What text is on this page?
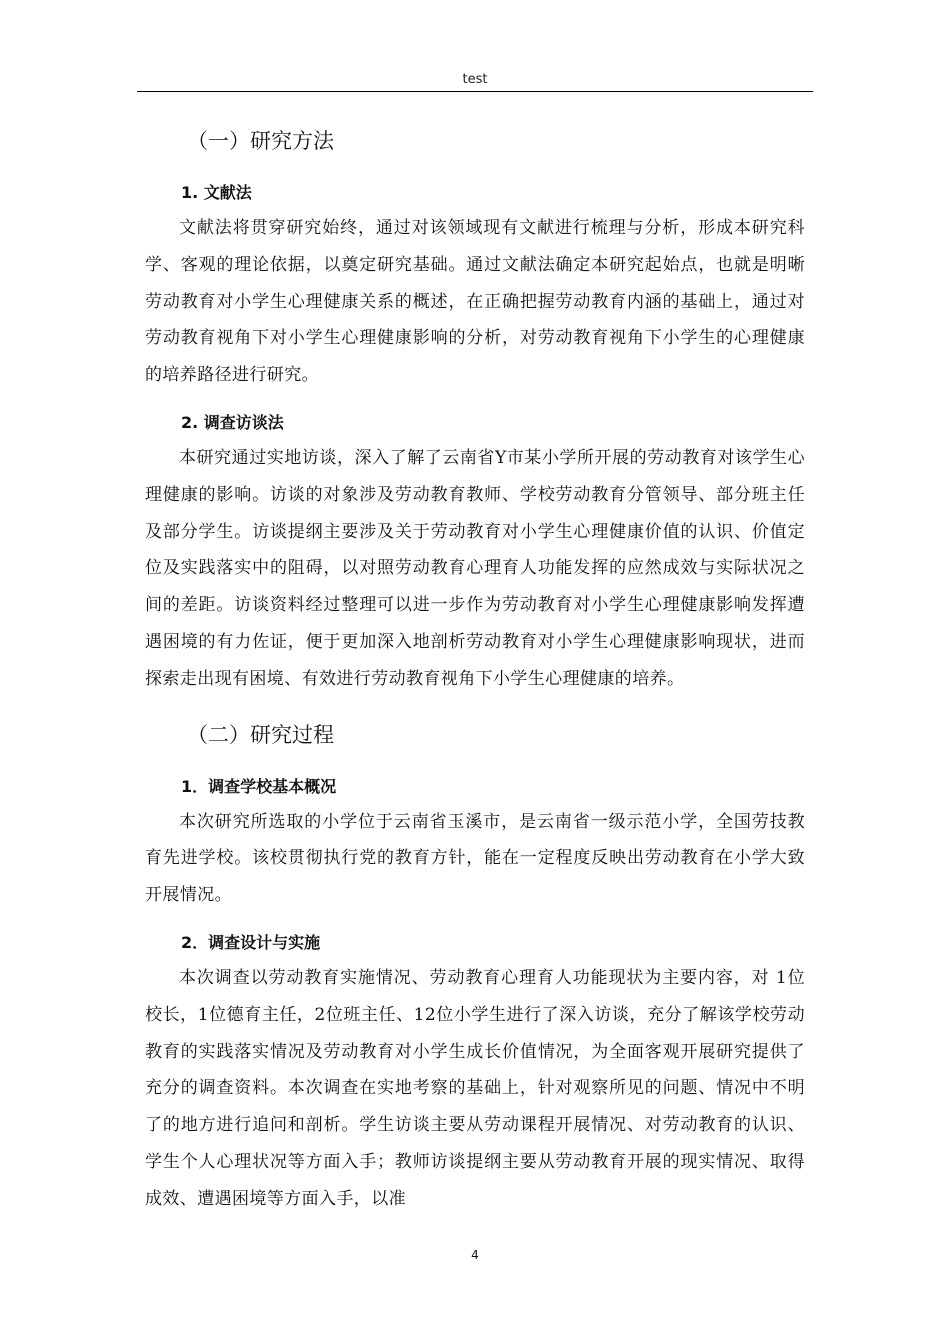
test
（一）研究方法
1. 文献法

文献法将贯穿研究始终，通过对该领域现有文献进行梳理与分析，形成本研究科学、客观的理论依据，以奠定研究基础。通过文献法确定本研究起始点，也就是明晰劳动教育对小学生心理健康关系的概述，在正确把握劳动教育内涵的基础上，通过对劳动教育视角下对小学生心理健康影响的分析，对劳动教育视角下小学生的心理健康的培养路径进行研究。

2. 调查访谈法

本研究通过实地访谈，深入了解了云南省Y市某小学所开展的劳动教育对该学生心理健康的影响。访谈的对象涉及劳动教育教师、学校劳动教育分管领导、部分班主任及部分学生。访谈提纲主要涉及关于劳动教育对小学生心理健康价值的认识、价值定位及实践落实中的阻碍，以对照劳动教育心理育人功能发挥的应然成效与实际状况之间的差距。访谈资料经过整理可以进一步作为劳动教育对小学生心理健康影响发挥遭遇困境的有力佐证，便于更加深入地剖析劳动教育对小学生心理健康影响现状，进而探索走出现有困境、有效进行劳动教育视角下小学生心理健康的培养。

（二）研究过程
1．调查学校基本概况

本次研究所选取的小学位于云南省玉溪市，是云南省一级示范小学，全国劳技教育先进学校。该校贯彻执行党的教育方针，能在一定程度反映出劳动教育在小学大致开展情况。

2．调查设计与实施

本次调查以劳动教育实施情况、劳动教育心理育人功能现状为主要内容，对 1位校长，1位德育主任，2位班主任、12位小学生进行了深入访谈，充分了解该学校劳动教育的实践落实情况及劳动教育对小学生成长价值情况，为全面客观开展研究提供了充分的调查资料。本次调查在实地考察的基础上，针对观察所见的问题、情况中不明了的地方进行追问和剖析。学生访谈主要从劳动课程开展情况、对劳动教育的认识、学生个人心理状况等方面入手；教师访谈提纲主要从劳动教育开展的现实情况、取得成效、遭遇困境等方面入手，以准

4
